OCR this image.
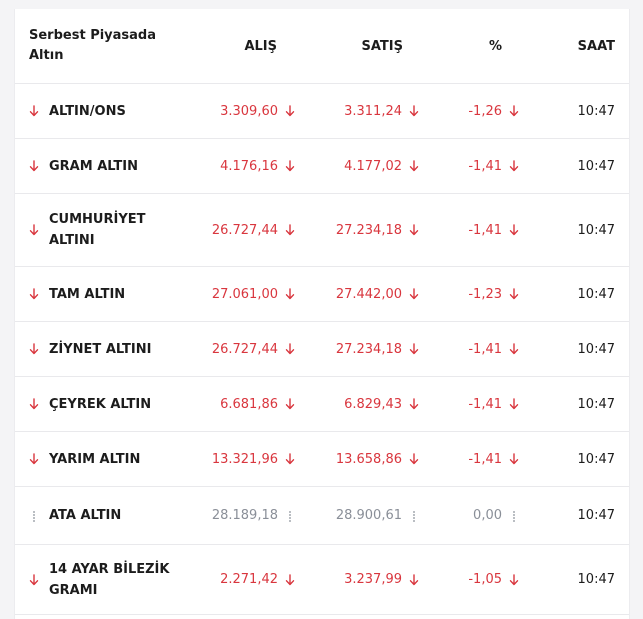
Serbest Piyasada
Altın
ALIŞ	SATIŞ	%	SAAT
ALTIN/ONS	3.309,60	3.311,24	-1,26	10:47
GRAM ALTIN	4.176,16	4.177,02	-1,41	10:47
CUMHURİYET
ALTINI
26.727,44	27.234,18	-1,41	10:47
TAM ALTIN	27.061,00	27.442,00	-1,23	10:47
ZİYNET ALTINI	26.727,44	27.234,18	-1,41	10:47
ÇEYREK ALTIN	6.681,86	6.829,43	-1,41	10:47
YARIM ALTIN	13.321,96	13.658,86	-1,41	10:47
ATA ALTIN	28.189,18	28.900,61	0,00	10:47
14 AYAR BİLEZİK
GRAMI
2.271,42	3.237,99	-1,05	10:47
